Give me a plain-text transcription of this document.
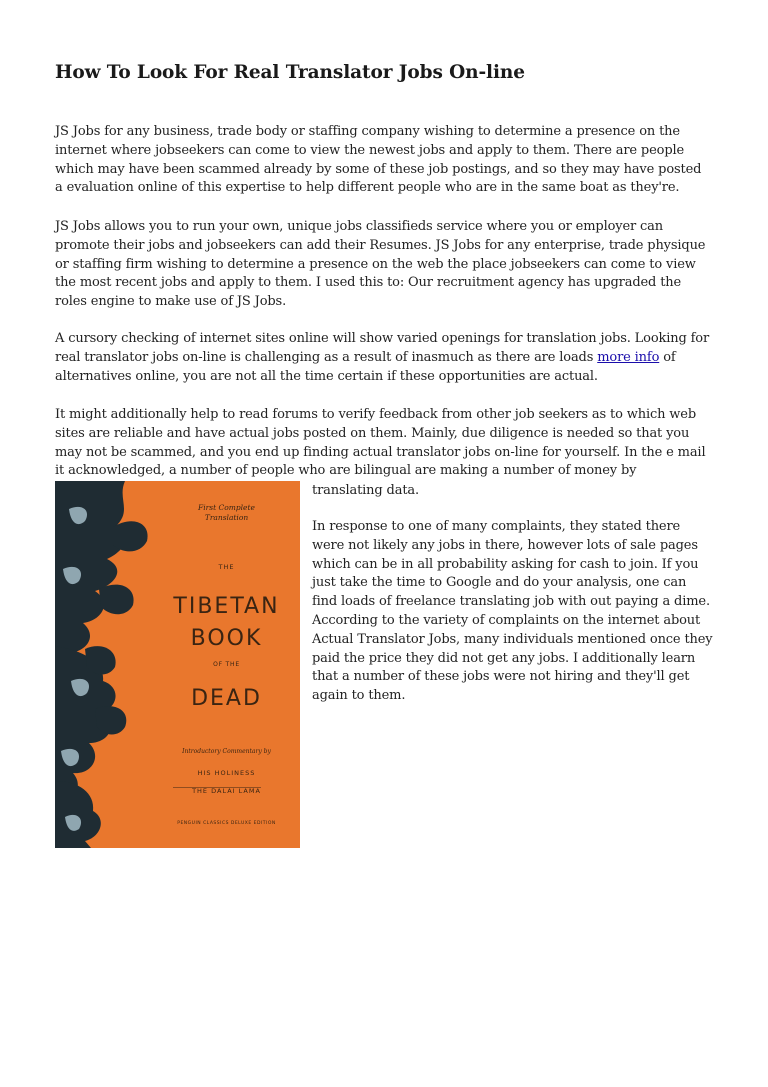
How To Look For Real Translator Jobs On-line

JS Jobs for any business, trade body or staffing company wishing to determine a presence on the
internet where jobseekers can come to view the newest jobs and apply to them. There are people
which may have been scammed already by some of these job postings, and so they may have posted
a evaluation online of this expertise to help different people who are in the same boat as they're.

JS Jobs allows you to run your own, unique jobs classifieds service where you or employer can
promote their jobs and jobseekers can add their Resumes. JS Jobs for any enterprise, trade physique
or staffing firm wishing to determine a presence on the web the place jobseekers can come to view
the most recent jobs and apply to them. I used this to: Our recruitment agency has upgraded the
roles engine to make use of JS Jobs.

A cursory checking of internet sites online will show varied openings for translation jobs. Looking for
real translator jobs on-line is challenging as a result of inasmuch as there are loads more info of
alternatives online, you are not all the time certain if these opportunities are actual.

It might additionally help to read forums to verify feedback from other job seekers as to which web
sites are reliable and have actual jobs posted on them. Mainly, due diligence is needed so that you
may not be scammed, and you end up finding actual translator jobs on-line for yourself. In the e mail
it acknowledged, a number of people who are bilingual are making a number of money by

translating data.

In response to one of many complaints, they stated there
were not likely any jobs in there, however lots of sale pages
which can be in all probability asking for cash to join. If you
just take the time to Google and do your analysis, one can
find loads of freelance translating job with out paying a dime.
According to the variety of complaints on the internet about
Actual Translator Jobs, many individuals mentioned once they
paid the price they did not get any jobs. I additionally learn
that a number of these jobs were not hiring and they'll get
again to them.

First Complete
Translation
THE
TIBETAN
BOOK
OF THE
DEAD
Introductory Commentary by
HIS HOLINESS
THE DALAI LAMA
PENGUIN CLASSICS DELUXE EDITION
